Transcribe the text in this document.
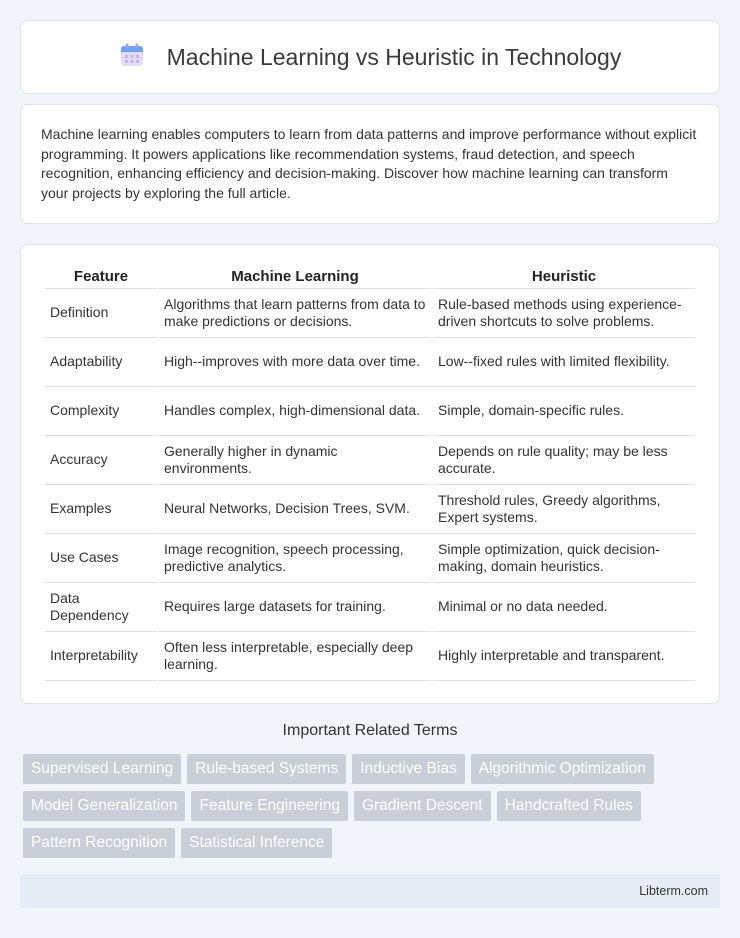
Machine Learning vs Heuristic in Technology

Machine learning enables computers to learn from data patterns and improve performance without explicit programming. It powers applications like recommendation systems, fraud detection, and speech recognition, enhancing efficiency and decision-making. Discover how machine learning can transform your projects by exploring the full article.

Feature	Machine Learning	Heuristic
Definition	Algorithms that learn patterns from data to make predictions or decisions.	Rule-based methods using experience-driven shortcuts to solve problems.
Adaptability	High--improves with more data over time.	Low--fixed rules with limited flexibility.
Complexity	Handles complex, high-dimensional data.	Simple, domain-specific rules.
Accuracy	Generally higher in dynamic environments.	Depends on rule quality; may be less accurate.
Examples	Neural Networks, Decision Trees, SVM.	Threshold rules, Greedy algorithms, Expert systems.
Use Cases	Image recognition, speech processing, predictive analytics.	Simple optimization, quick decision-making, domain heuristics.
Data Dependency	Requires large datasets for training.	Minimal or no data needed.
Interpretability	Often less interpretable, especially deep learning.	Highly interpretable and transparent.
Important Related Terms
Supervised Learning	Rule-based Systems	Inductive Bias	Algorithmic Optimization
Model Generalization	Feature Engineering	Gradient Descent	Handcrafted Rules
Pattern Recognition	Statistical Inference
Libterm.com
